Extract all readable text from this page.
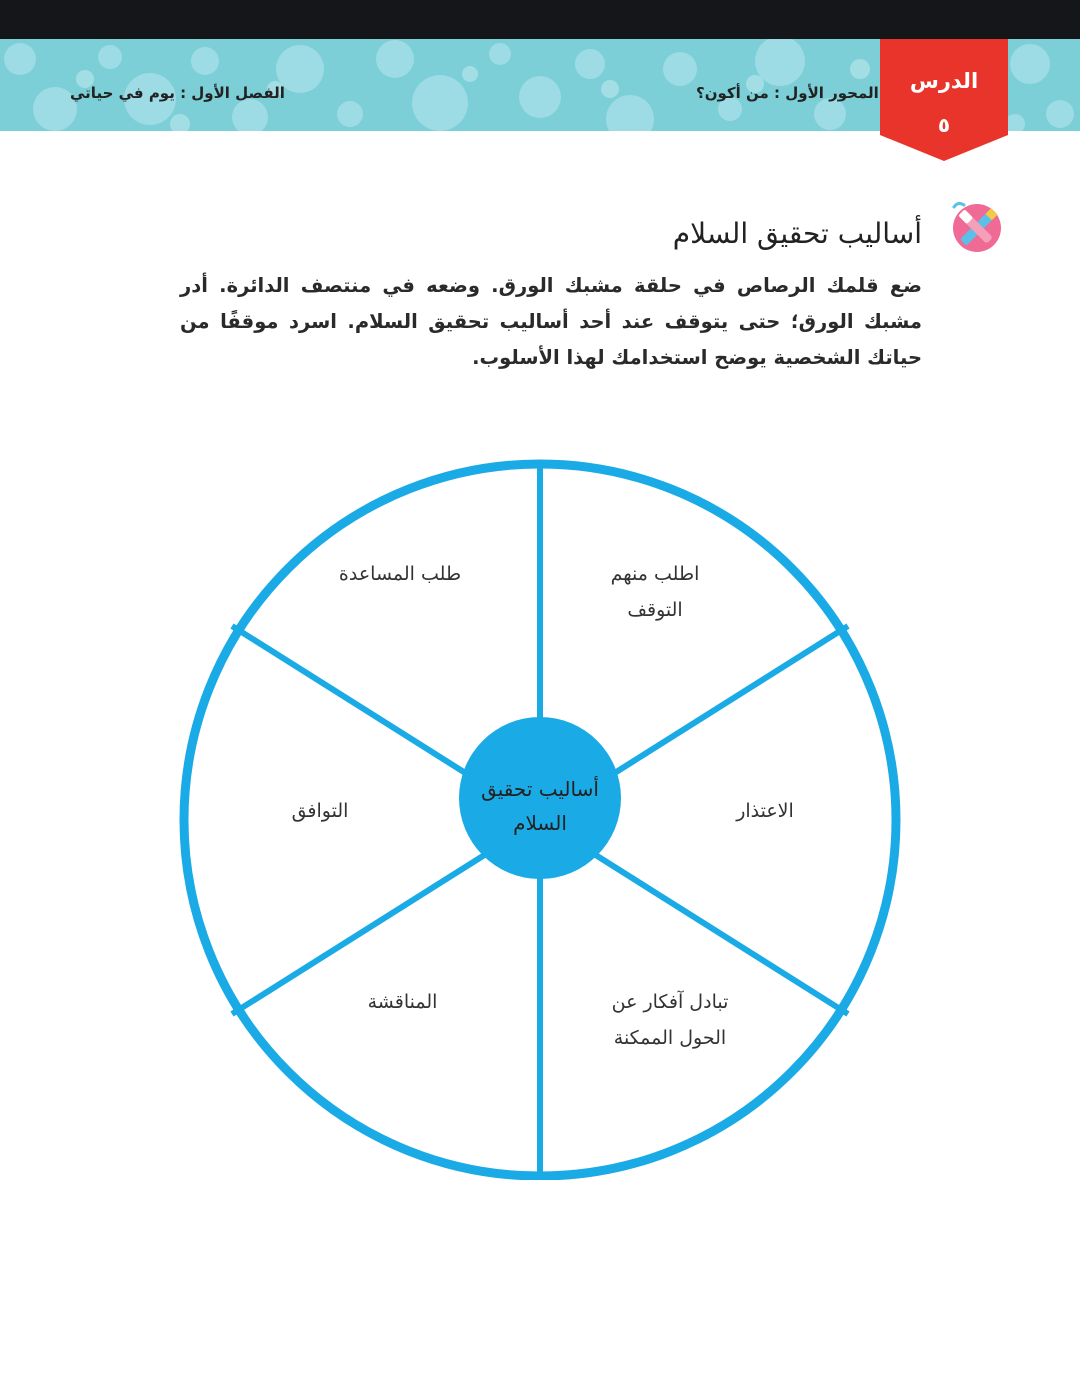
الفصل الأول : يوم في حياتي	المحور الأول : من أكون؟	الدرس
٥
أساليب تحقيق السلام
ضع قلمك الرصاص في حلقة مشبك الورق. وضعه في منتصف الدائرة. أدر مشبك الورق؛ حتى يتوقف عند أحد أساليب تحقيق السلام. اسرد موقفًا من حياتك الشخصية يوضح استخدامك لهذا الأسلوب.
أساليب تحقيق
السلام
اطلب منهم
التوقف
طلب المساعدة
الاعتذار
التوافق
تبادل آفكار عن
الحول الممكنة
المناقشة
